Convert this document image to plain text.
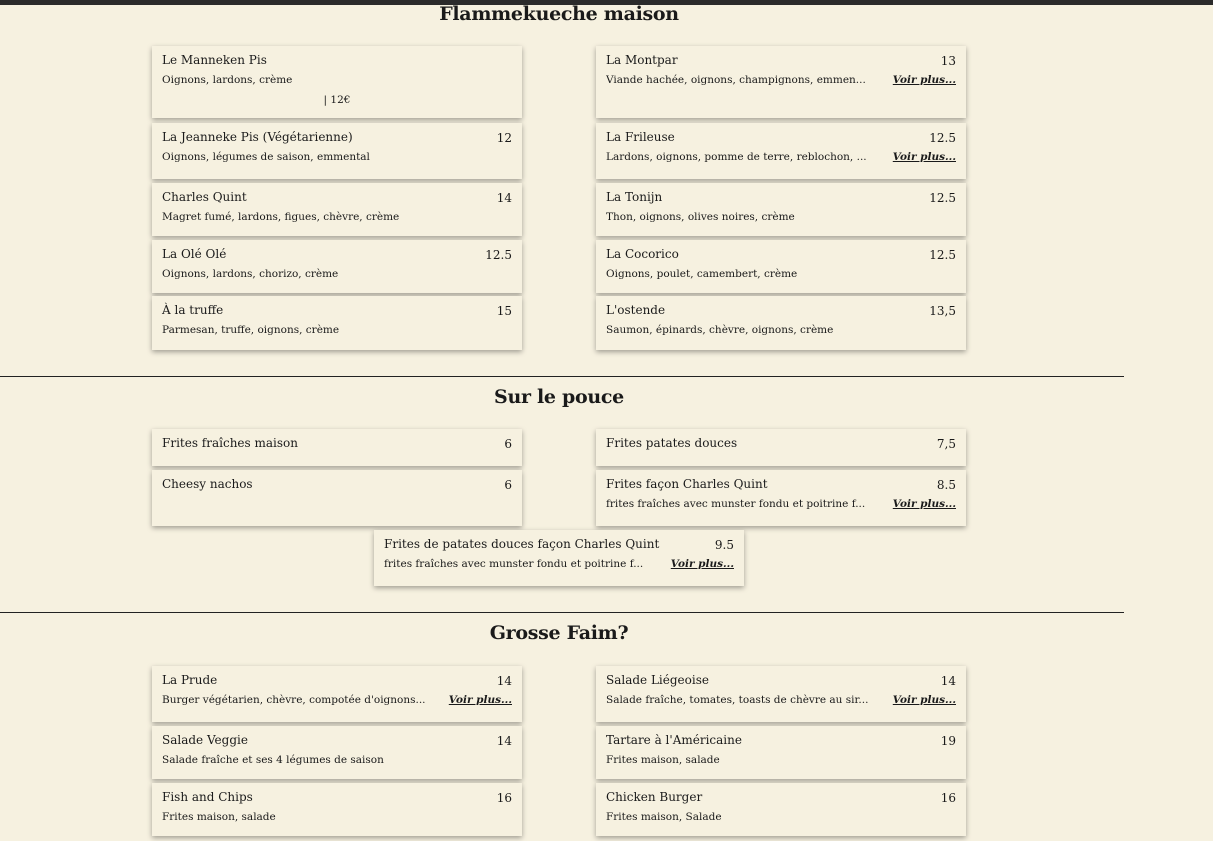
Flammekueche maison
Le Manneken Pis
Oignons, lardons, crème
| 12€
La Montpar	13
Viande hachée, oignons, champignons, emmen...	Voir plus...
La Jeanneke Pis (Végétarienne)	12
Oignons, légumes de saison, emmental
La Frileuse	12.5
Lardons, oignons, pomme de terre, reblochon, ... Voir plus...
Charles Quint	14
Magret fumé, lardons, figues, chèvre, crème
La Tonijn	12.5
Thon, oignons, olives noires, crème
La Olé Olé	12.5
Oignons, lardons, chorizo, crème
La Cocorico	12.5
Oignons, poulet, camembert, crème
À la truffe	15
Parmesan, truffe, oignons, crème
L'ostende	13,5
Saumon, épinards, chèvre, oignons, crème
Sur le pouce
Frites fraîches maison	6	Frites patates douces	7,5
Cheesy nachos	6	Frites façon Charles Quint	8.5
frites fraîches avec munster fondu et poitrine f...	Voir plus...
Frites de patates douces façon Charles Quint	9.5
frites fraîches avec munster fondu et poitrine f...	Voir plus...
Grosse Faim?
La Prude	14
Burger végétarien, chèvre, compotée d'oignons... Voir plus...
Salade Liégeoise	14
Salade fraîche, tomates, toasts de chèvre au sir... Voir plus...
Salade Veggie	14
Salade fraîche et ses 4 légumes de saison
Tartare à l'Américaine	19
Frites maison, salade
Fish and Chips	16
Frites maison, salade
Chicken Burger	16
Frites maison, Salade
